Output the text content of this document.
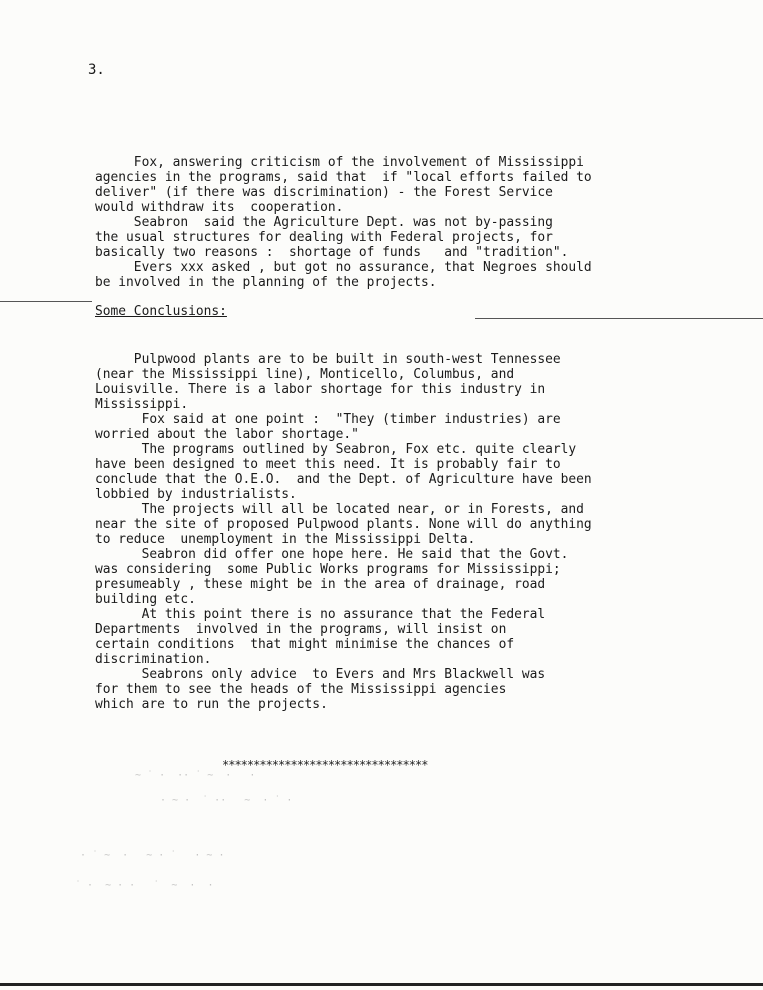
3.
Fox, answering criticism of the involvement of Mississippi
agencies in the programs, said that  if "local efforts failed to
deliver" (if there was discrimination) - the Forest Service
would withdraw its  cooperation.
Seabron  said the Agriculture Dept. was not by-passing
the usual structures for dealing with Federal projects, for
basically two reasons :  shortage of funds   and "tradition".
Evers xxx asked , but got no assurance, that Negroes should
be involved in the planning of the projects.
Some Conclusions:
Pulpwood plants are to be built in south-west Tennessee
(near the Mississippi line), Monticello, Columbus, and
Louisville. There is a labor shortage for this industry in
Mississippi.
Fox said at one point :  "They (timber industries) are
worried about the labor shortage."
The programs outlined by Seabron, Fox etc. quite clearly
have been designed to meet this need. It is probably fair to
conclude that the O.E.O.  and the Dept. of Agriculture have been
lobbied by industrialists.
The projects will all be located near, or in Forests, and
near the site of proposed Pulpwood plants. None will do anything
to reduce  unemployment in the Mississippi Delta.
Seabron did offer one hope here. He said that the Govt.
was considering  some Public Works programs for Mississippi;
presumeably , these might be in the area of drainage, road
building etc.
At this point there is no assurance that the Federal
Departments  involved in the programs, will insist on
certain conditions  that might minimise the chances of
discrimination.
Seabrons only advice  to Evers and Mrs Blackwell was
for them to see the heads of the Mississippi agencies
which are to run the projects.
*********************************
~ ˙ ·  ·· ˙ ~  ·   ·
· ~ ·  ˙ ··   ~  · ˙ ·
· ˙ ~  ·   ~ · ˙   · ~ ·
˙ ·  ~ · ·   ˙  ~  ·  ·
